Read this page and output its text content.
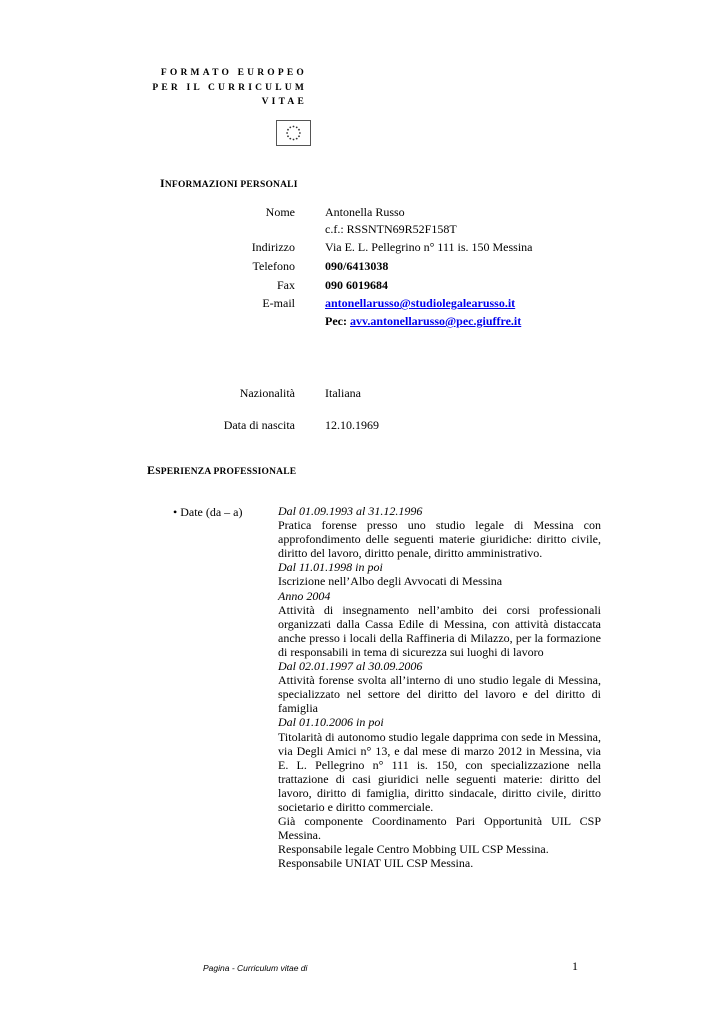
FORMATO EUROPEO
PER IL CURRICULUM
VITAE
INFORMAZIONI PERSONALI
Nome	Antonella Russo
c.f.: RSSNTN69R52F158T
Indirizzo	Via E. L. Pellegrino n° 111 is. 150 Messina
Telefono	090/6413038
Fax	090 6019684
E-mail	antonellarusso@studiolegalearusso.it
Pec: avv.antonellarusso@pec.giuffre.it
Nazionalità	Italiana
Data di nascita	12.10.1969
ESPERIENZA PROFESSIONALE
• Date (da – a)	Dal 01.09.1993 al 31.12.1996

Pratica forense presso uno studio legale di Messina con approfondimento delle seguenti materie giuridiche: diritto civile, diritto del lavoro, diritto penale, diritto amministrativo.

Dal 11.01.1998 in poi

Iscrizione nell’Albo degli Avvocati di Messina

Anno 2004

Attività di insegnamento nell’ambito dei corsi professionali organizzati dalla Cassa Edile di Messina, con attività distaccata anche presso i locali della Raffineria di Milazzo, per la formazione di responsabili in tema di sicurezza sui luoghi di lavoro

Dal 02.01.1997 al 30.09.2006

Attività forense svolta all’interno di uno studio legale di Messina, specializzato nel settore del diritto del lavoro e del diritto di famiglia

Dal 01.10.2006 in poi

Titolarità di autonomo studio legale dapprima con sede in Messina, via Degli Amici n° 13, e dal mese di marzo 2012 in Messina, via E. L. Pellegrino n° 111 is. 150, con specializzazione nella trattazione di casi giuridici nelle seguenti materie: diritto del lavoro, diritto di famiglia, diritto sindacale, diritto civile, diritto societario e diritto commerciale.

Già componente Coordinamento Pari Opportunità UIL CSP Messina.

Responsabile legale Centro Mobbing UIL CSP Messina.

Responsabile UNIAT UIL CSP Messina.

Pagina - Curriculum vitae di	1
